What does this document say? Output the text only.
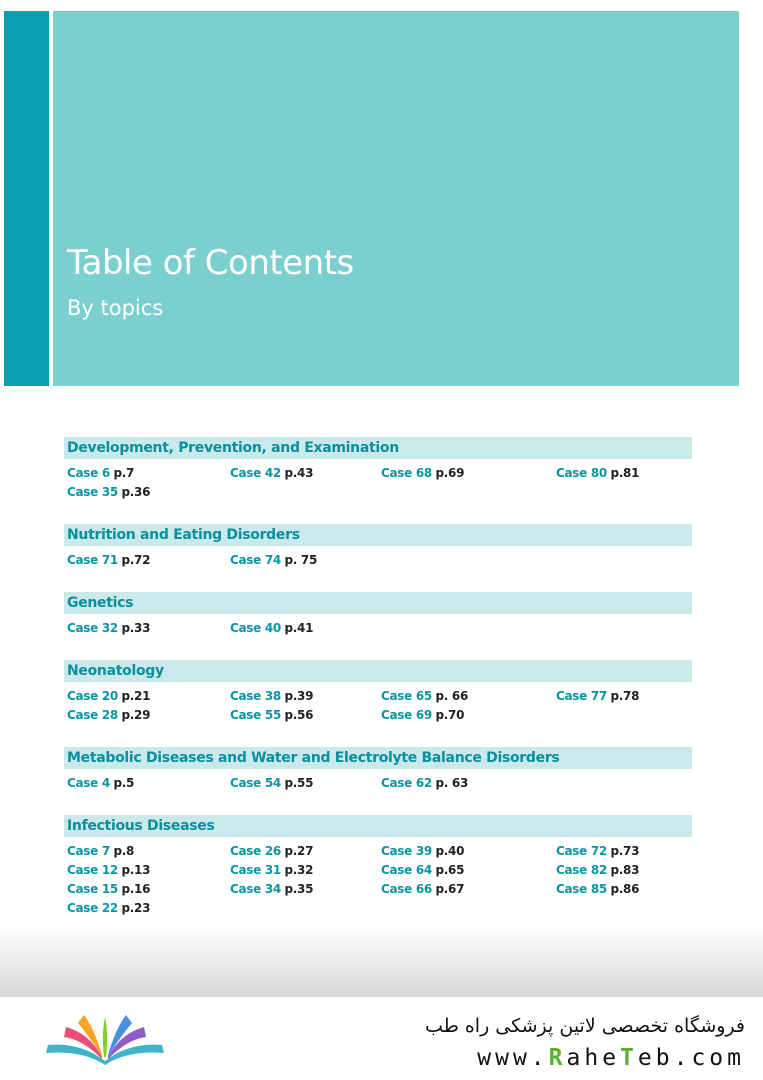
Table of Contents
By topics
Development, Prevention, and Examination
Case 6 p.7	Case 42 p.43	Case 68 p.69	Case 80 p.81
Case 35 p.36
Nutrition and Eating Disorders
Case 71 p.72	Case 74 p. 75
Genetics
Case 32 p.33	Case 40 p.41
Neonatology
Case 20 p.21	Case 38 p.39	Case 65 p. 66	Case 77 p.78
Case 28 p.29	Case 55 p.56	Case 69 p.70
Metabolic Diseases and Water and Electrolyte Balance Disorders
Case 4 p.5	Case 54 p.55	Case 62 p. 63
Infectious Diseases
Case 7 p.8	Case 26 p.27	Case 39 p.40	Case 72 p.73
Case 12 p.13	Case 31 p.32	Case 64 p.65	Case 82 p.83
Case 15 p.16	Case 34 p.35	Case 66 p.67	Case 85 p.86
Case 22 p.23
فروشگاه تخصصی لاتین پزشکی راه طب
www.RaheTeb.com
